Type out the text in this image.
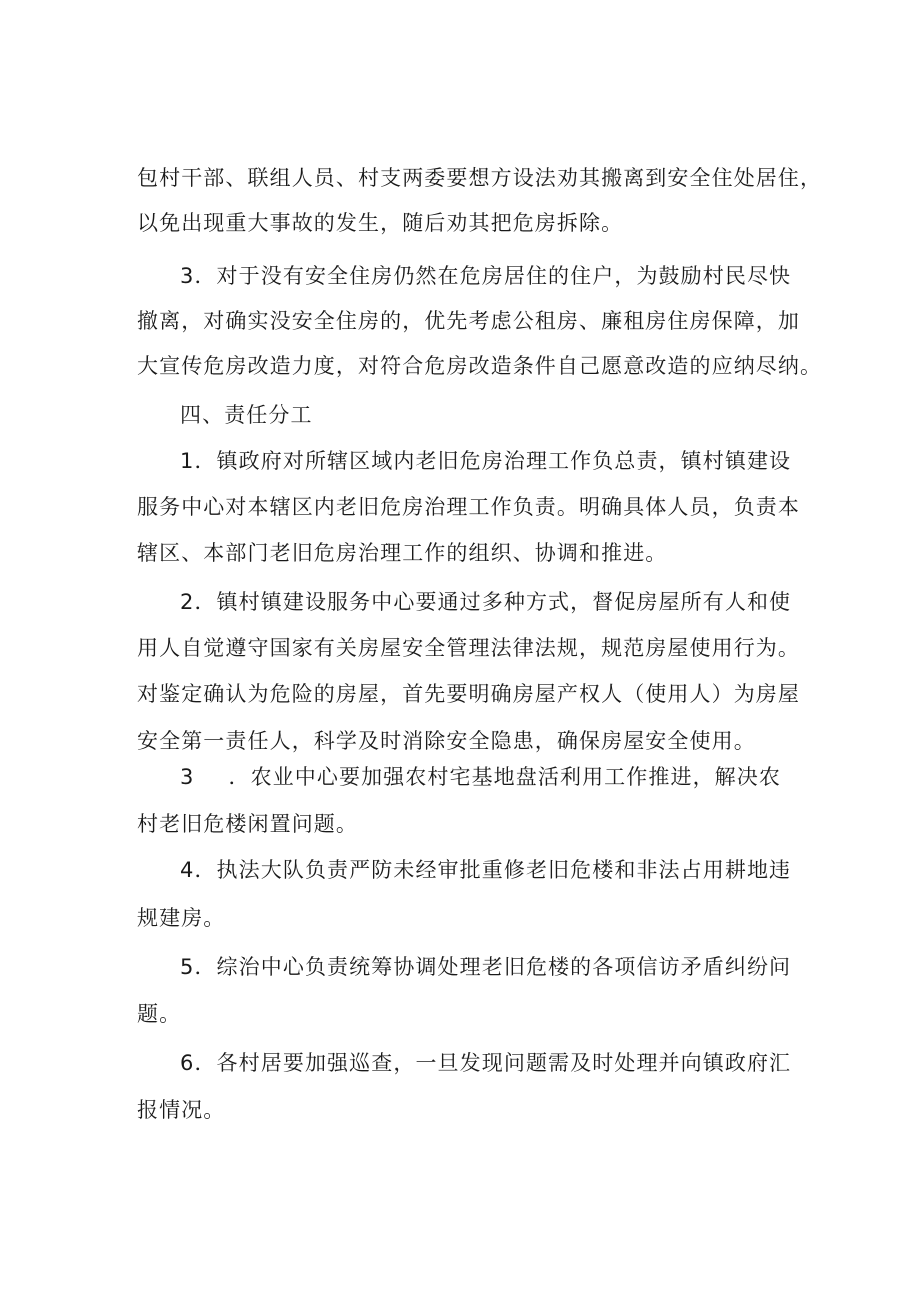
包村干部、联组人员、村支两委要想方设法劝其搬离到安全住处居住，
以免出现重大事故的发生，随后劝其把危房拆除。
3．对于没有安全住房仍然在危房居住的住户，为鼓励村民尽快
撤离，对确实没安全住房的，优先考虑公租房、廉租房住房保障，加
大宣传危房改造力度，对符合危房改造条件自己愿意改造的应纳尽纳。
四、责任分工
1．镇政府对所辖区域内老旧危房治理工作负总责，镇村镇建设
服务中心对本辖区内老旧危房治理工作负责。明确具体人员，负责本
辖区、本部门老旧危房治理工作的组织、协调和推进。
2．镇村镇建设服务中心要通过多种方式，督促房屋所有人和使
用人自觉遵守国家有关房屋安全管理法律法规，规范房屋使用行为。
对鉴定确认为危险的房屋，首先要明确房屋产权人（使用人）为房屋
安全第一责任人，科学及时消除安全隐患，确保房屋安全使用。
3 ．农业中心要加强农村宅基地盘活利用工作推进，解决农
村老旧危楼闲置问题。
4．执法大队负责严防未经审批重修老旧危楼和非法占用耕地违
规建房。
5．综治中心负责统筹协调处理老旧危楼的各项信访矛盾纠纷问
题。
6．各村居要加强巡查，一旦发现问题需及时处理并向镇政府汇
报情况。
